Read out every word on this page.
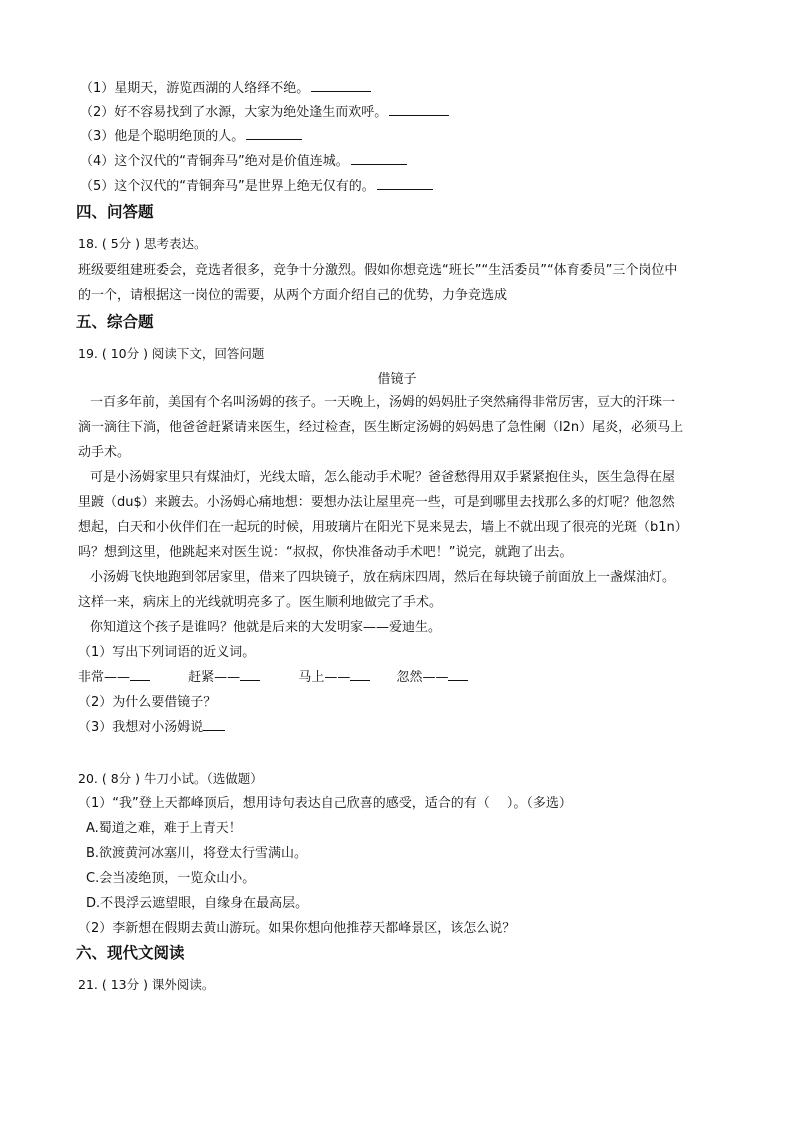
（1）星期天，游览西湖的人络绎不绝。
（2）好不容易找到了水源，大家为绝处逢生而欢呼。
（3）他是个聪明绝顶的人。
（4）这个汉代的“青铜奔马”绝对是价值连城。
（5）这个汉代的“青铜奔马”是世界上绝无仅有的。
四、问答题
18. ( 5分 ) 思考表达。
班级要组建班委会，竞选者很多，竞争十分激烈。假如你想竞选“班长”“生活委员”“体育委员”三个岗位中
的一个，请根据这一岗位的需要，从两个方面介绍自己的优势，力争竞选成
五、综合题
19. ( 10分 ) 阅读下文，回答问题
借镜子
一百多年前，美国有个名叫汤姆的孩子。一天晚上，汤姆的妈妈肚子突然痛得非常厉害，豆大的汗珠一
滴一滴往下淌，他爸爸赶紧请来医生，经过检查，医生断定汤姆的妈妈患了急性阑（l2n）尾炎，必须马上
动手术。
可是小汤姆家里只有煤油灯，光线太暗，怎么能动手术呢？爸爸愁得用双手紧紧抱住头，医生急得在屋
里踱（du$）来踱去。小汤姆心痛地想：要想办法让屋里亮一些，可是到哪里去找那么多的灯呢？他忽然
想起，白天和小伙伴们在一起玩的时候，用玻璃片在阳光下晃来晃去，墙上不就出现了很亮的光斑（b1n）
吗？想到这里，他跳起来对医生说：“叔叔，你快准备动手术吧！”说完，就跑了出去。
小汤姆飞快地跑到邻居家里，借来了四块镜子，放在病床四周，然后在每块镜子前面放上一盏煤油灯。
这样一来，病床上的光线就明亮多了。医生顺利地做完了手术。
你知道这个孩子是谁吗？他就是后来的大发明家——爱迪生。
（1）写出下列词语的近义词。
非常——	赶紧——	马上——	忽然——
（2）为什么要借镜子？
（3）我想对小汤姆说
20. ( 8分 ) 牛刀小试。（选做题）
（1）“我”登上天都峰顶后，想用诗句表达自己欣喜的感受，适合的有（　 ）。（多选）
A.蜀道之难，难于上青天！
B.欲渡黄河冰塞川，将登太行雪满山。
C.会当凌绝顶，一览众山小。
D.不畏浮云遮望眼，自缘身在最高层。
（2）李新想在假期去黄山游玩。如果你想向他推荐天都峰景区，该怎么说？
六、现代文阅读
21. ( 13分 ) 课外阅读。
